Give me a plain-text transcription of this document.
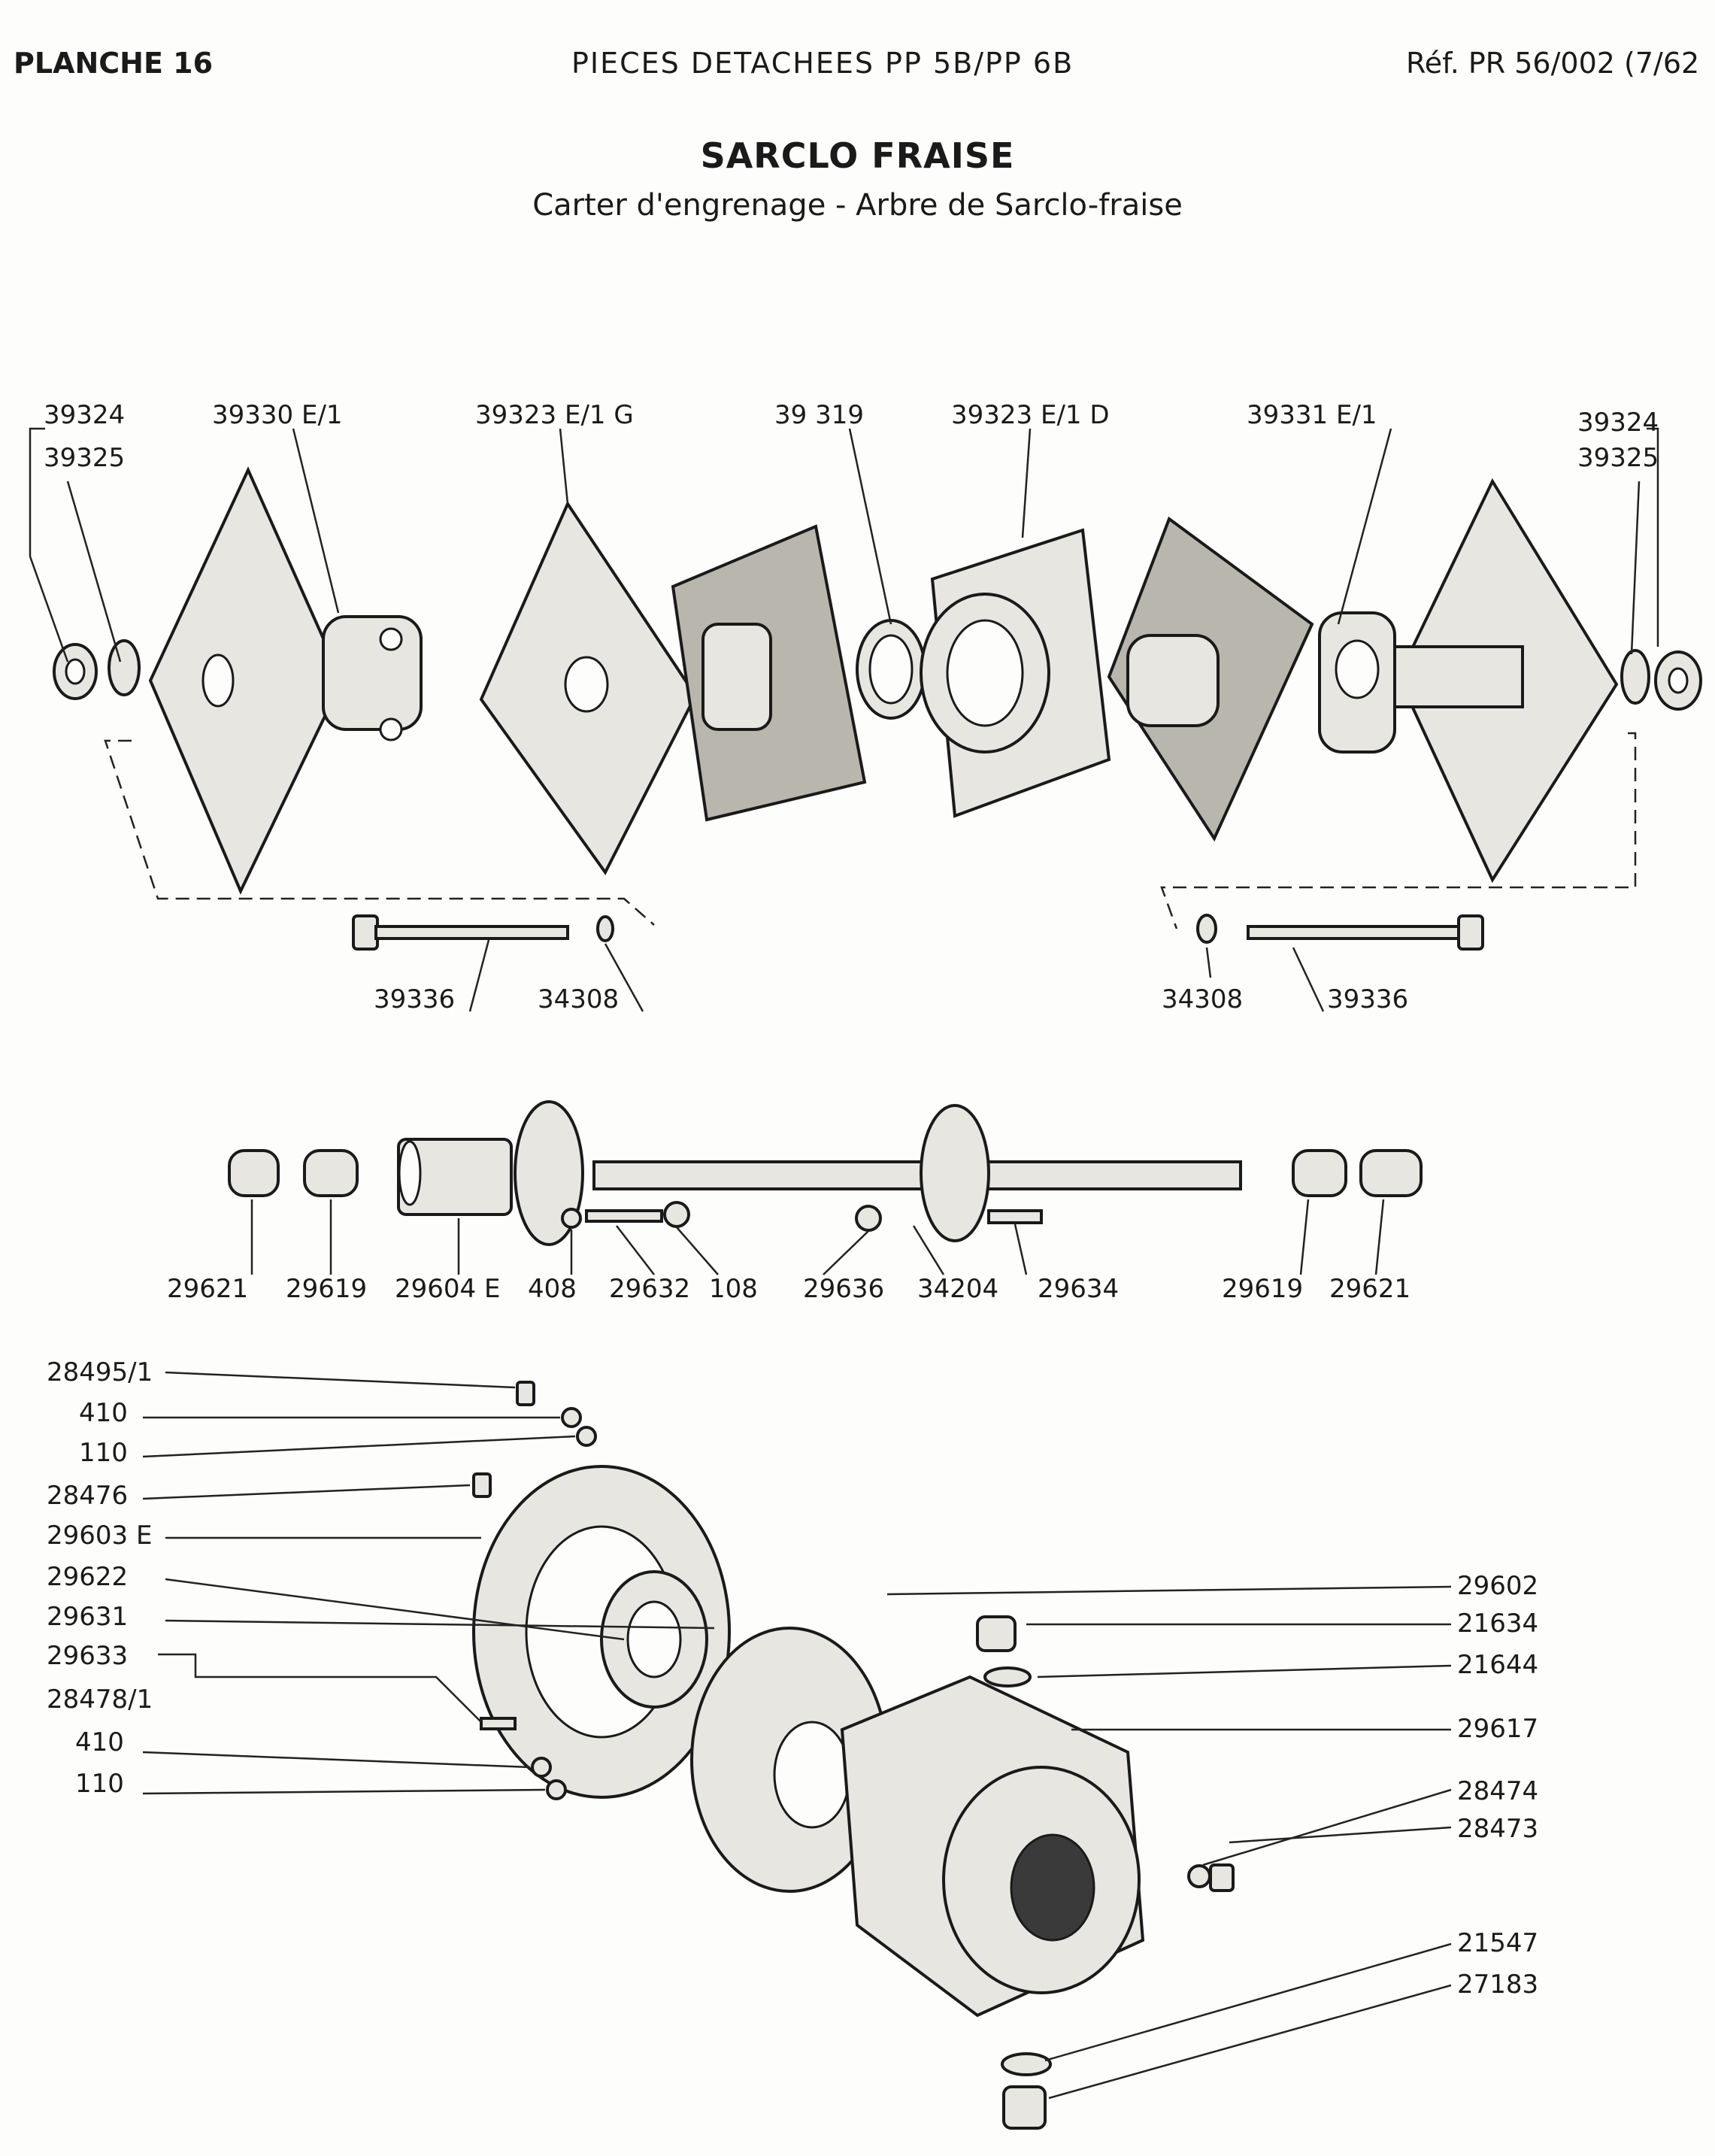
PLANCHE 16	PIECES DETACHEES PP 5B/PP 6B	Réf. PR 56/002 (7/62
SARCLO FRAISE
Carter d'engrenage - Arbre de Sarclo-fraise
39324
39325
39330 E/1	39323 E/1 G	39 319	39323 E/1 D	39331 E/1	39324
39325
39336	34308	34308	39336
29621 29619 29604 E 408 29632 108 29636 34204 29634	29619 29621
28495/1
410
110
28476
29603 E
29622
29631
29633
28478/1
410
110
29602
21634
21644
29617
28474
28473
21547
27183
